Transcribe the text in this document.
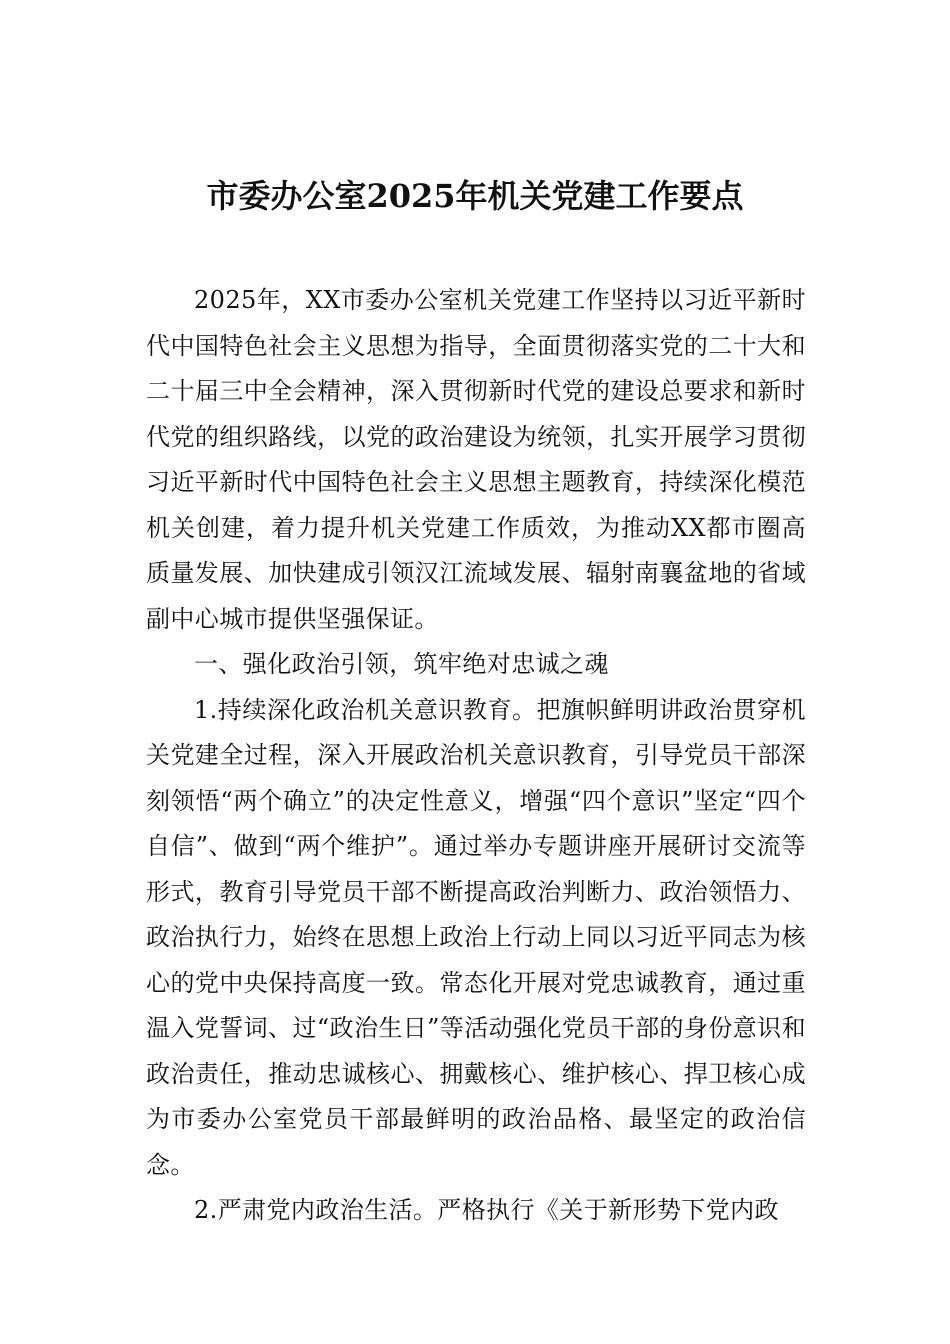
市委办公室2025年机关党建工作要点

2025年，XX市委办公室机关党建工作坚持以习近平新时代中国特色社会主义思想为指导，全面贯彻落实党的二十大和二十届三中全会精神，深入贯彻新时代党的建设总要求和新时代党的组织路线，以党的政治建设为统领，扎实开展学习贯彻习近平新时代中国特色社会主义思想主题教育，持续深化模范机关创建，着力提升机关党建工作质效，为推动XX都市圈高质量发展、加快建成引领汉江流域发展、辐射南襄盆地的省域副中心城市提供坚强保证。

一、强化政治引领，筑牢绝对忠诚之魂

1.持续深化政治机关意识教育。把旗帜鲜明讲政治贯穿机关党建全过程，深入开展政治机关意识教育，引导党员干部深刻领悟“两个确立”的决定性意义，增强“四个意识”坚定“四个自信”、做到“两个维护”。通过举办专题讲座开展研讨交流等形式，教育引导党员干部不断提高政治判断力、政治领悟力、政治执行力，始终在思想上政治上行动上同以习近平同志为核心的党中央保持高度一致。常态化开展对党忠诚教育，通过重温入党誓词、过“政治生日”等活动强化党员干部的身份意识和政治责任，推动忠诚核心、拥戴核心、维护核心、捍卫核心成为市委办公室党员干部最鲜明的政治品格、最坚定的政治信念。

2.严肃党内政治生活。严格执行《关于新形势下党内政
